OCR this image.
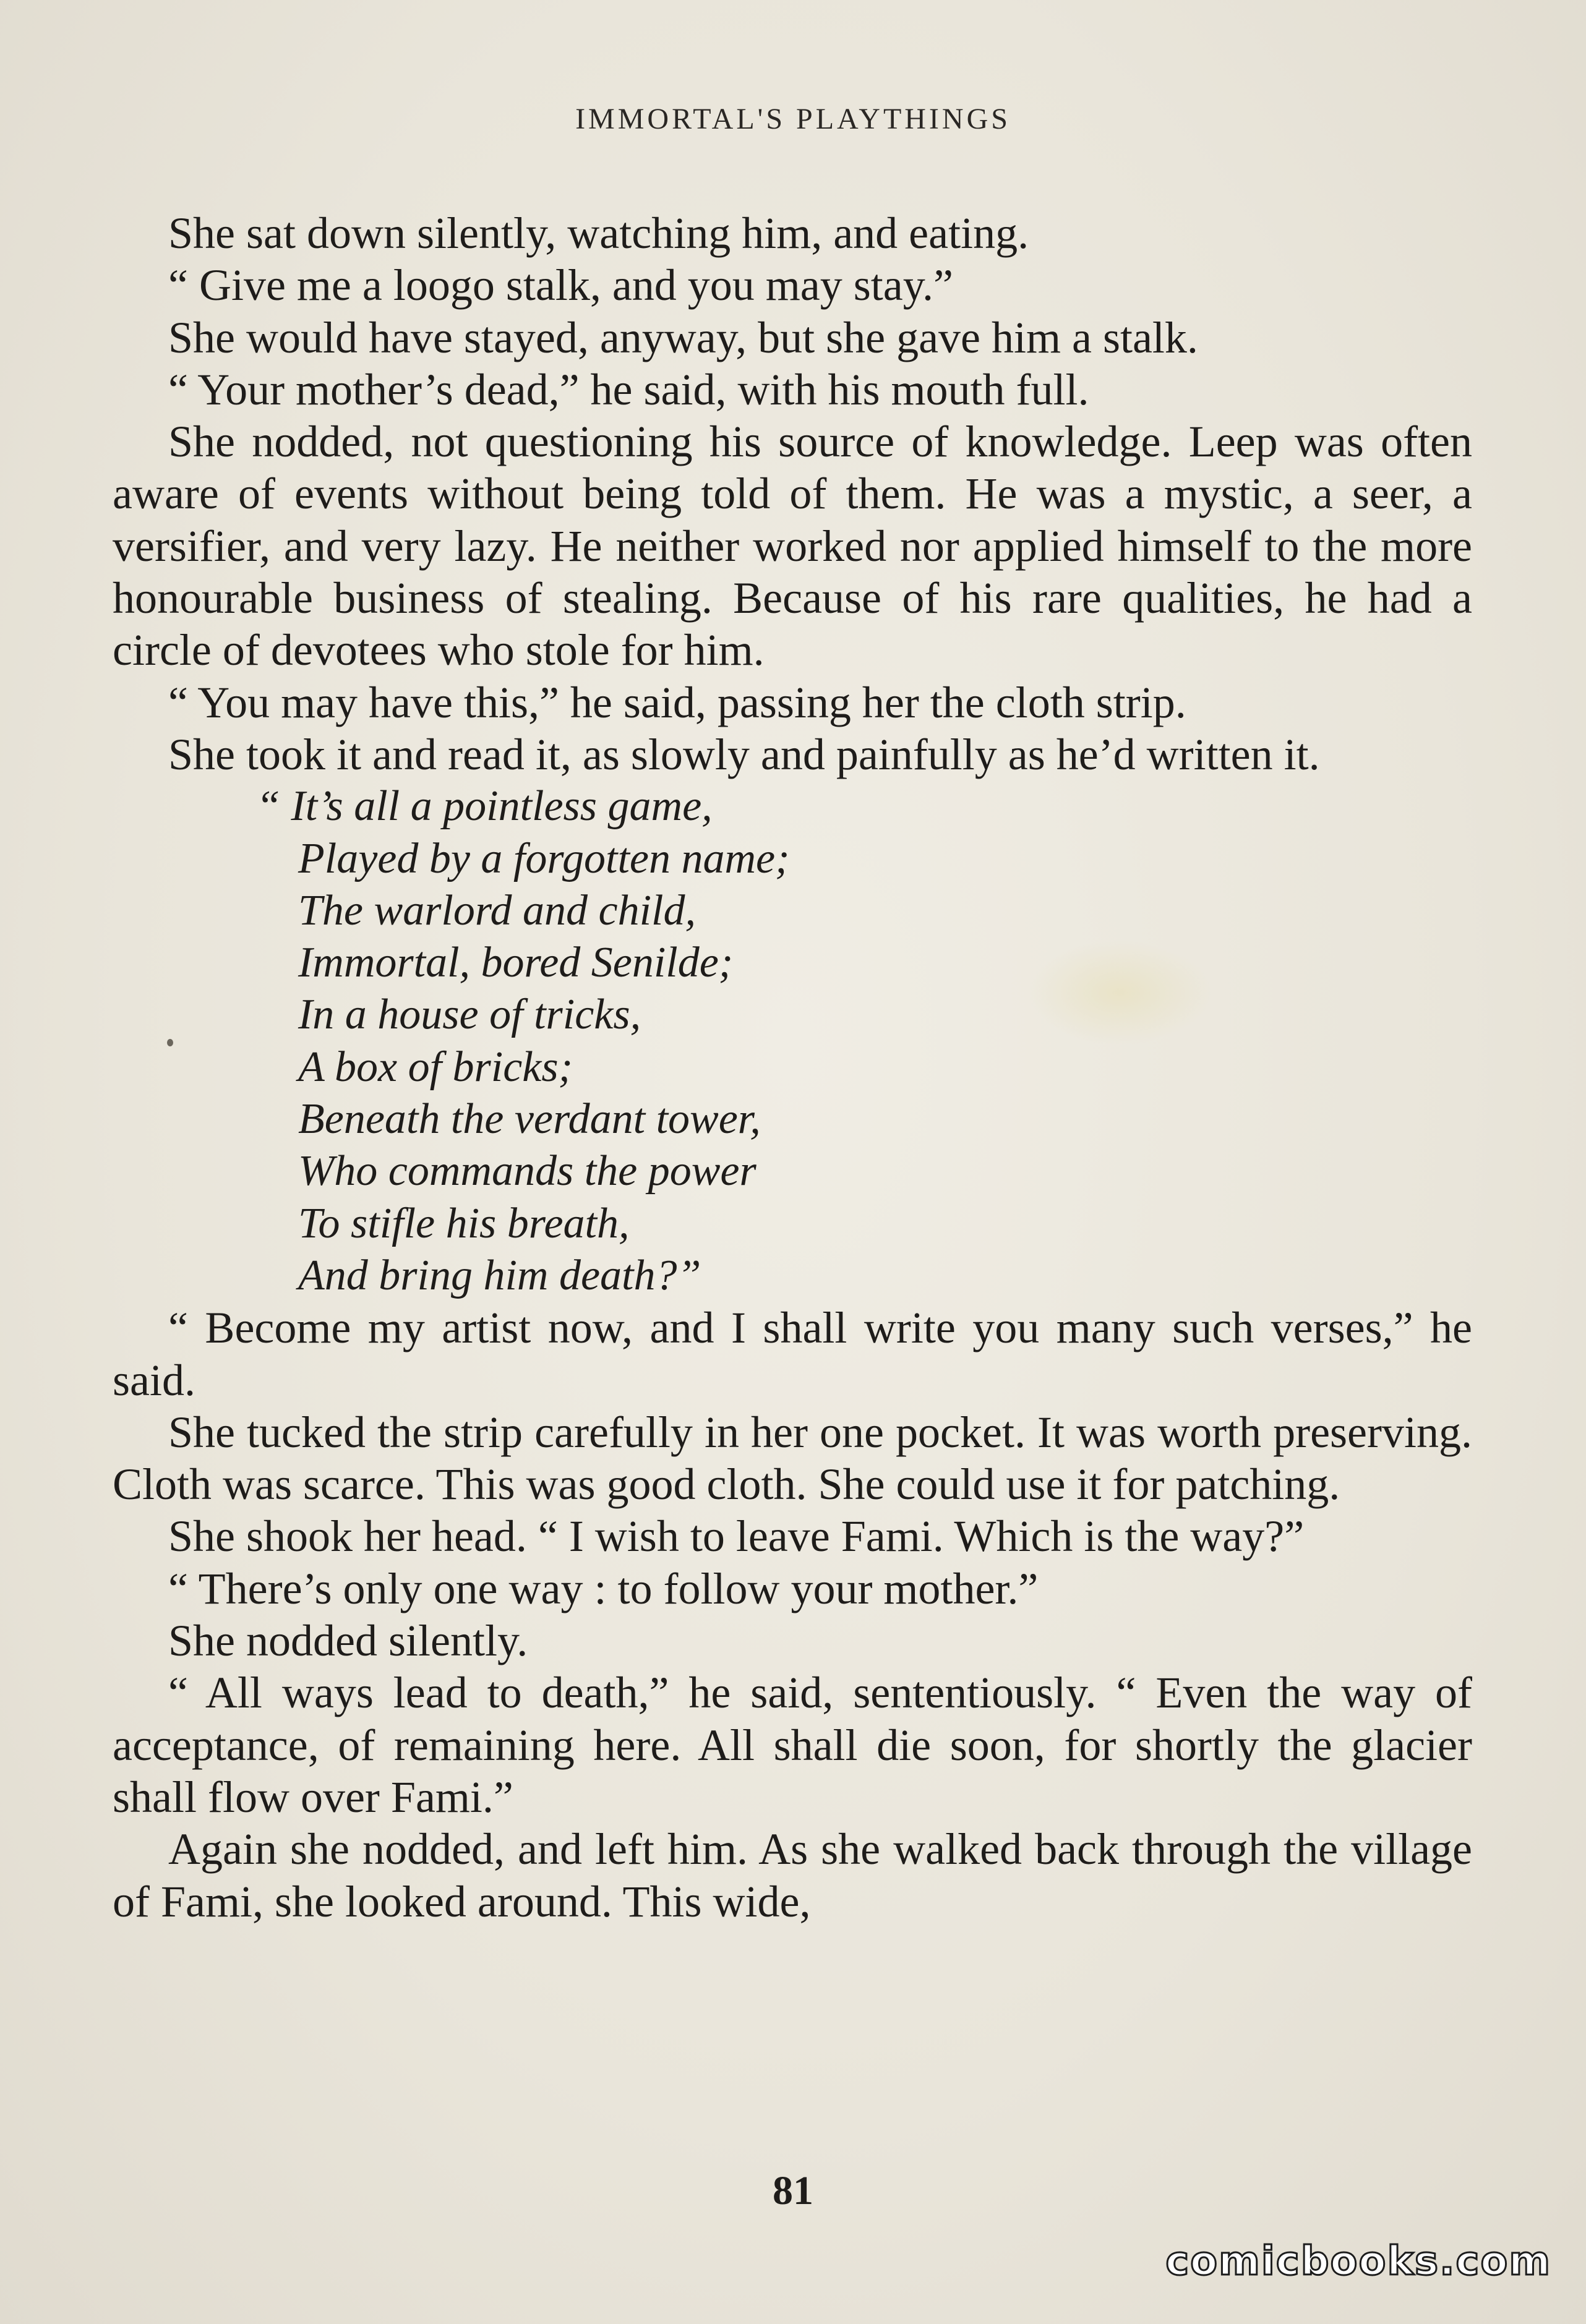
IMMORTAL'S PLAYTHINGS

She sat down silently, watching him, and eating.

“ Give me a loogo stalk, and you may stay.”

She would have stayed, anyway, but she gave him a stalk.

“ Your mother’s dead,” he said, with his mouth full.

She nodded, not questioning his source of knowledge. Leep was often aware of events without being told of them. He was a mystic, a seer, a versifier, and very lazy. He neither worked nor applied himself to the more honourable business of stealing. Because of his rare qualities, he had a circle of devotees who stole for him.

“ You may have this,” he said, passing her the cloth strip.

She took it and read it, as slowly and painfully as he’d written it.

“ It’s all a pointless game,
Played by a forgotten name;
The warlord and child,
Immortal, bored Senilde;
In a house of tricks,
A box of bricks;
Beneath the verdant tower,
Who commands the power
To stifle his breath,
And bring him death?”

“ Become my artist now, and I shall write you many such verses,” he said.

She tucked the strip carefully in her one pocket. It was worth preserving. Cloth was scarce. This was good cloth. She could use it for patching.

She shook her head. “ I wish to leave Fami. Which is the way?”

“ There’s only one way : to follow your mother.”

She nodded silently.

“ All ways lead to death,” he said, sententiously. “ Even the way of acceptance, of remaining here. All shall die soon, for shortly the glacier shall flow over Fami.”

Again she nodded, and left him. As she walked back through the village of Fami, she looked around. This wide,

81
comicbooks.com
